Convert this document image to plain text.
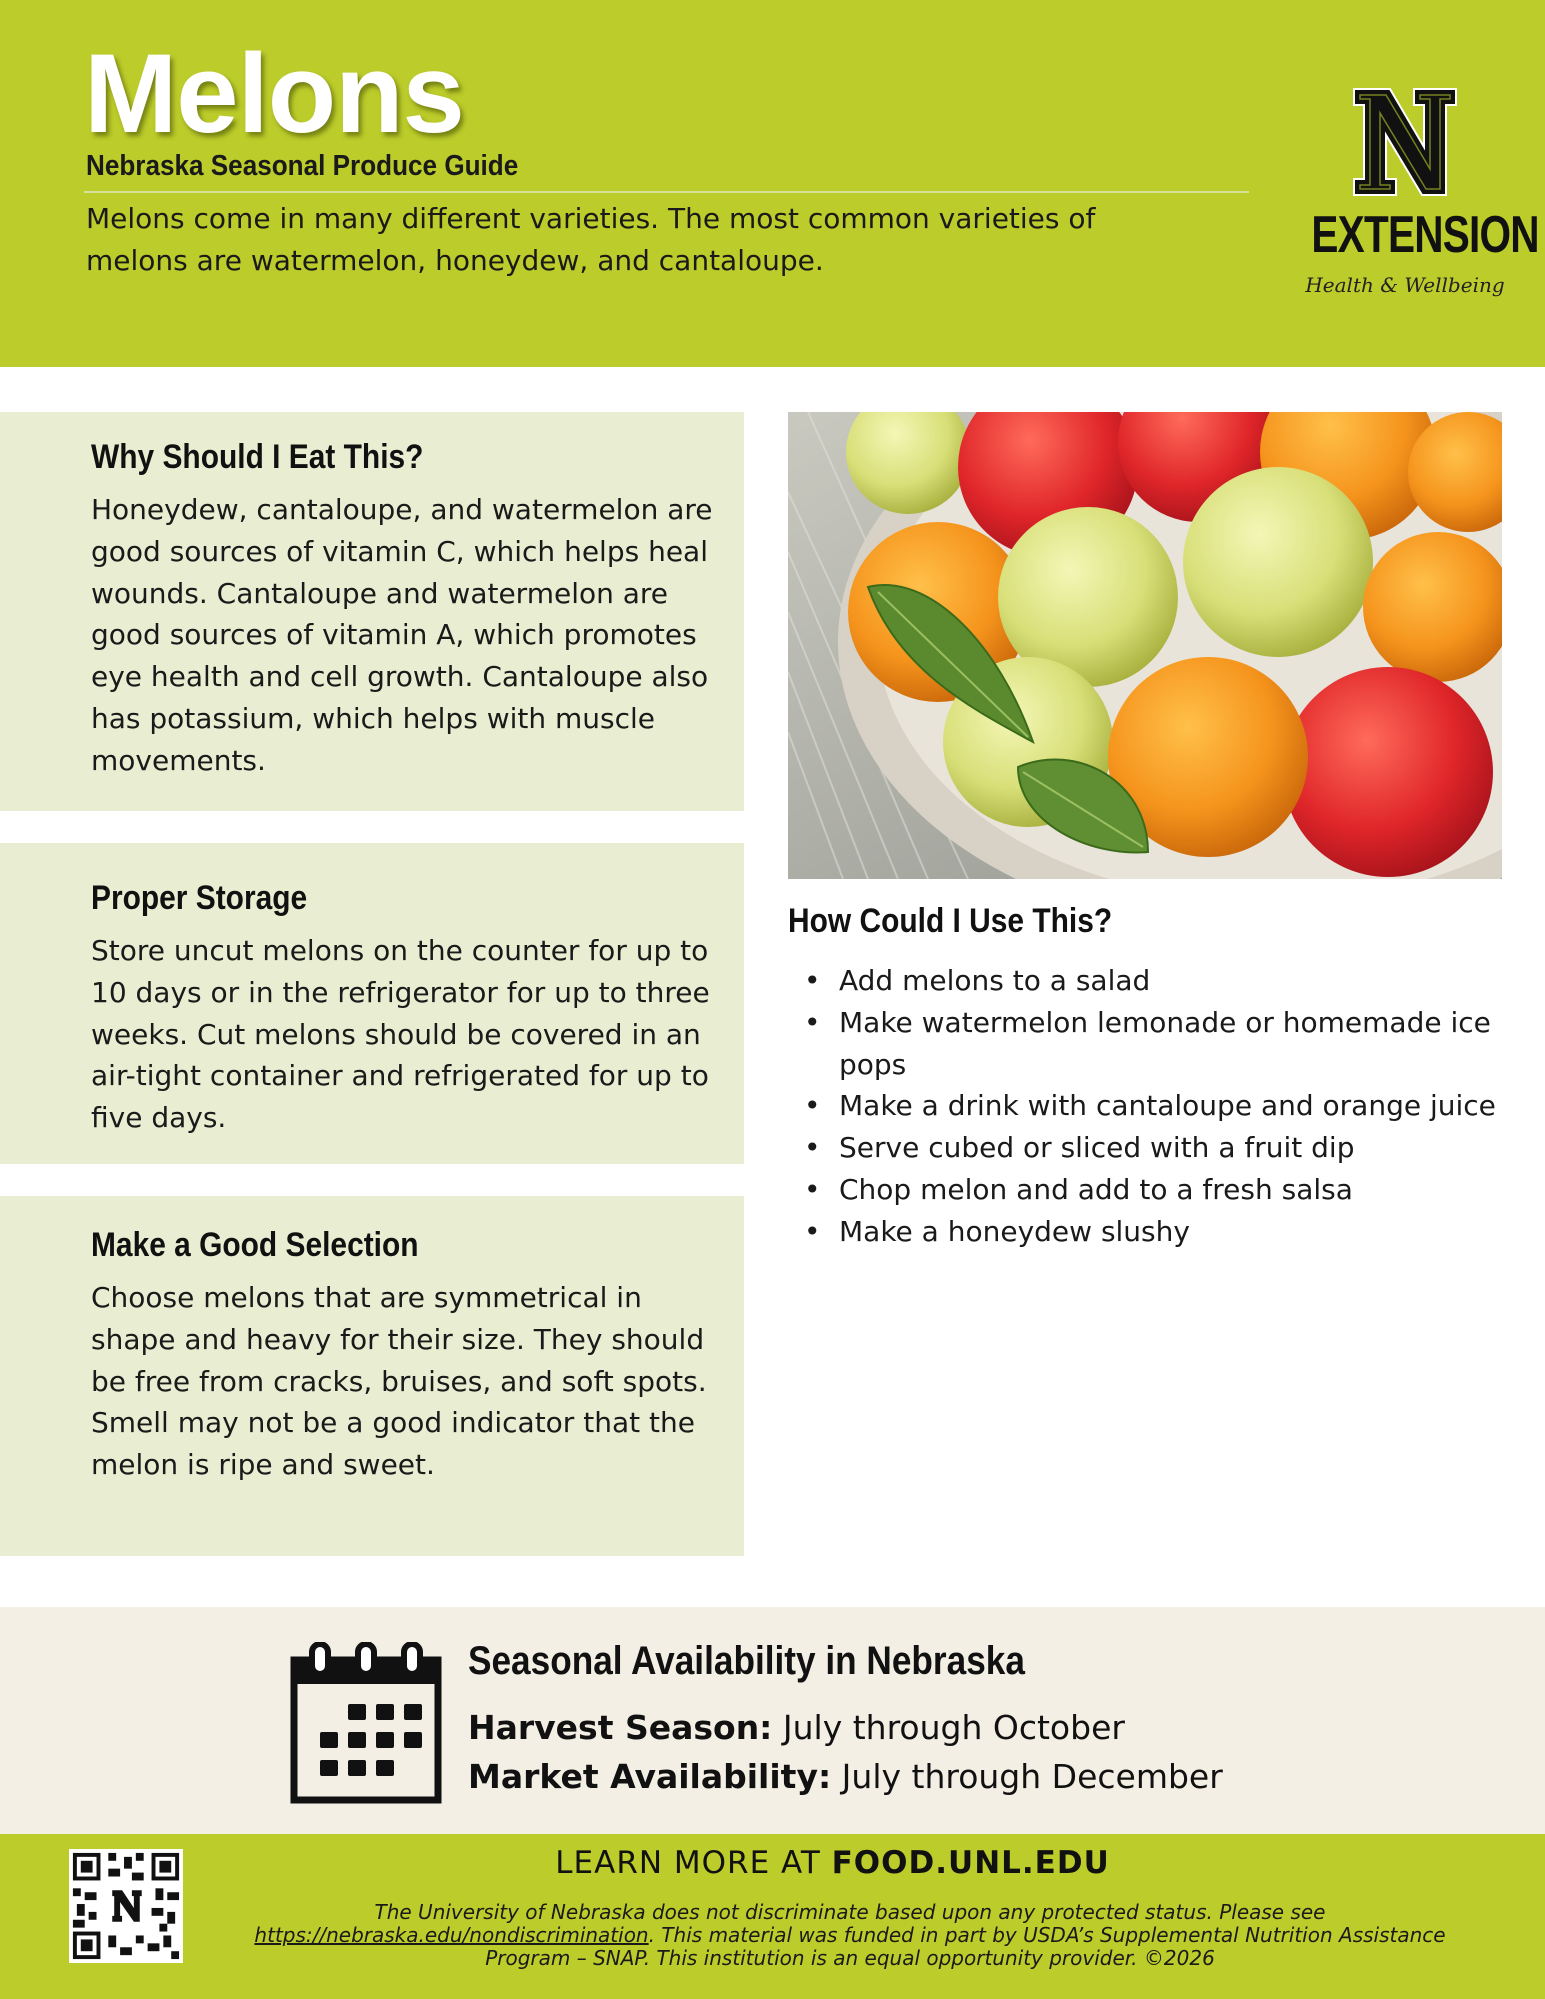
Melons
Nebraska Seasonal Produce Guide
Melons come in many different varieties. The most common varieties of melons are watermelon, honeydew, and cantaloupe.	EXTENSION
Health & Wellbeing
Why Should I Eat This?

Honeydew, cantaloupe, and watermelon are good sources of vitamin C, which helps heal wounds. Cantaloupe and watermelon are good sources of vitamin A, which promotes eye health and cell growth. Cantaloupe also has potassium, which helps with muscle movements.

Proper Storage

Store uncut melons on the counter for up to 10 days or in the refrigerator for up to three weeks. Cut melons should be covered in an air-tight container and refrigerated for up to five days.

Make a Good Selection

Choose melons that are symmetrical in shape and heavy for their size. They should be free from cracks, bruises, and soft spots. Smell may not be a good indicator that the melon is ripe and sweet.

How Could I Use This?
• Add melons to a salad
• Make watermelon lemonade or homemade ice pops
• Make a drink with cantaloupe and orange juice
• Serve cubed or sliced with a fruit dip
• Chop melon and add to a fresh salsa
• Make a honeydew slushy
Seasonal Availability in Nebraska
Harvest Season: July through October
Market Availability: July through December
LEARN MORE AT FOOD.UNL.EDU
The University of Nebraska does not discriminate based upon any protected status. Please see https://nebraska.edu/nondiscrimination. This material was funded in part by USDA’s Supplemental Nutrition Assistance Program – SNAP. This institution is an equal opportunity provider. ©2026
